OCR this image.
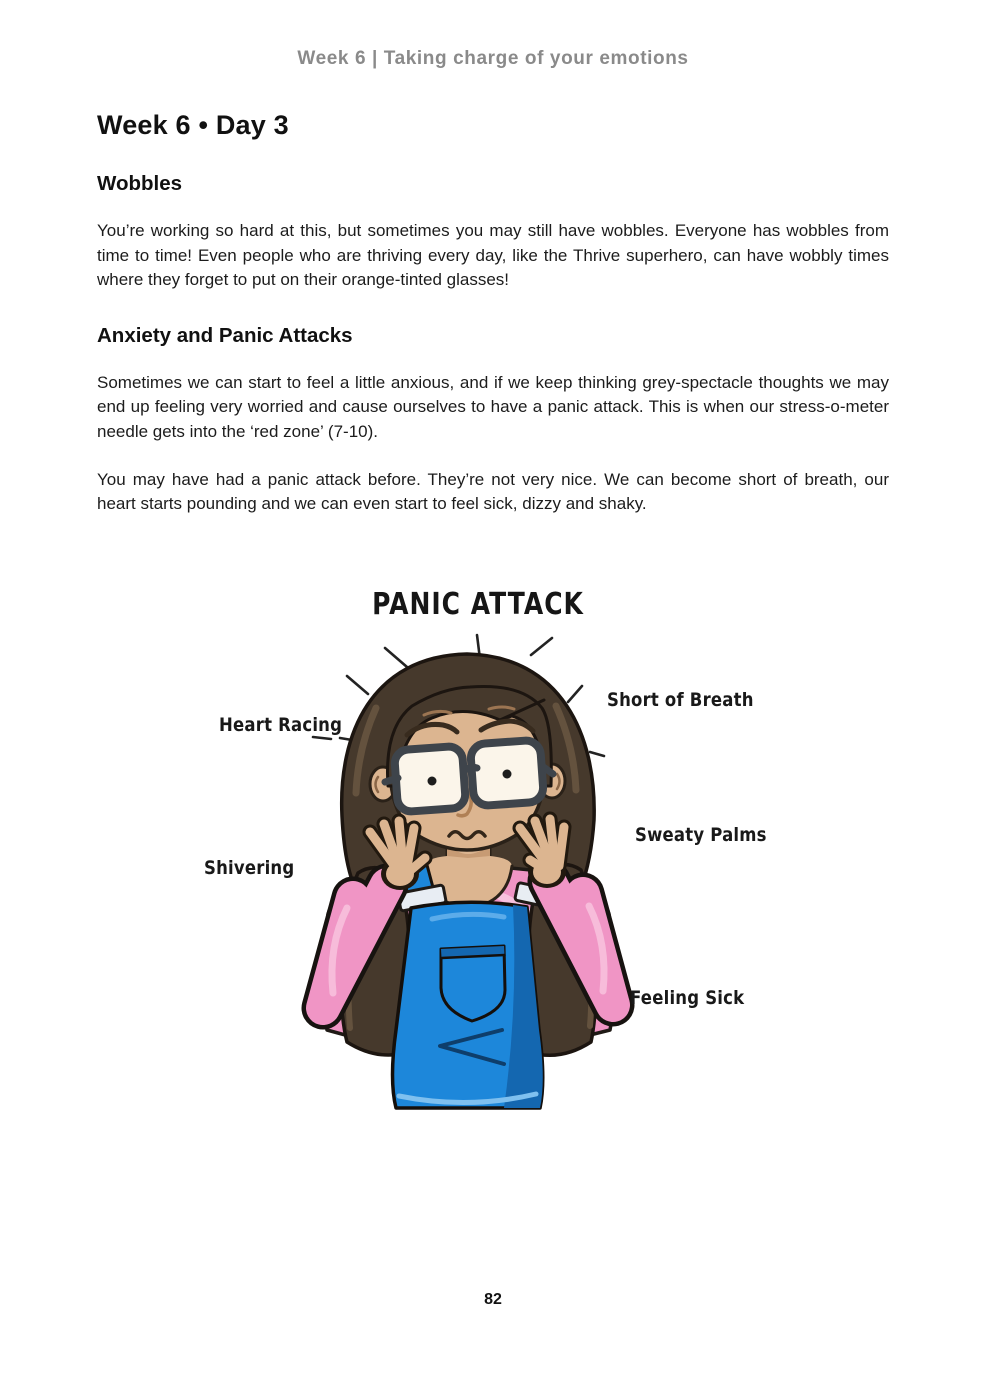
Week 6 | Taking charge of your emotions
Week 6 • Day 3
Wobbles

You’re working so hard at this, but sometimes you may still have wobbles. Everyone has wobbles from time to time! Even people who are thriving every day, like the Thrive superhero, can have wobbly times where they forget to put on their orange-tinted glasses!

Anxiety and Panic Attacks

Sometimes we can start to feel a little anxious, and if we keep thinking grey-spectacle thoughts we may end up feeling very worried and cause ourselves to have a panic attack. This is when our stress-o-meter needle gets into the ‘red zone’ (7-10).

You may have had a panic attack before. They’re not very nice. We can become short of breath, our heart starts pounding and we can even start to feel sick, dizzy and shaky.

PANIC ATTACK
Heart Racing
Short of Breath
Shivering
Sweaty Palms
Feeling Sick
82
